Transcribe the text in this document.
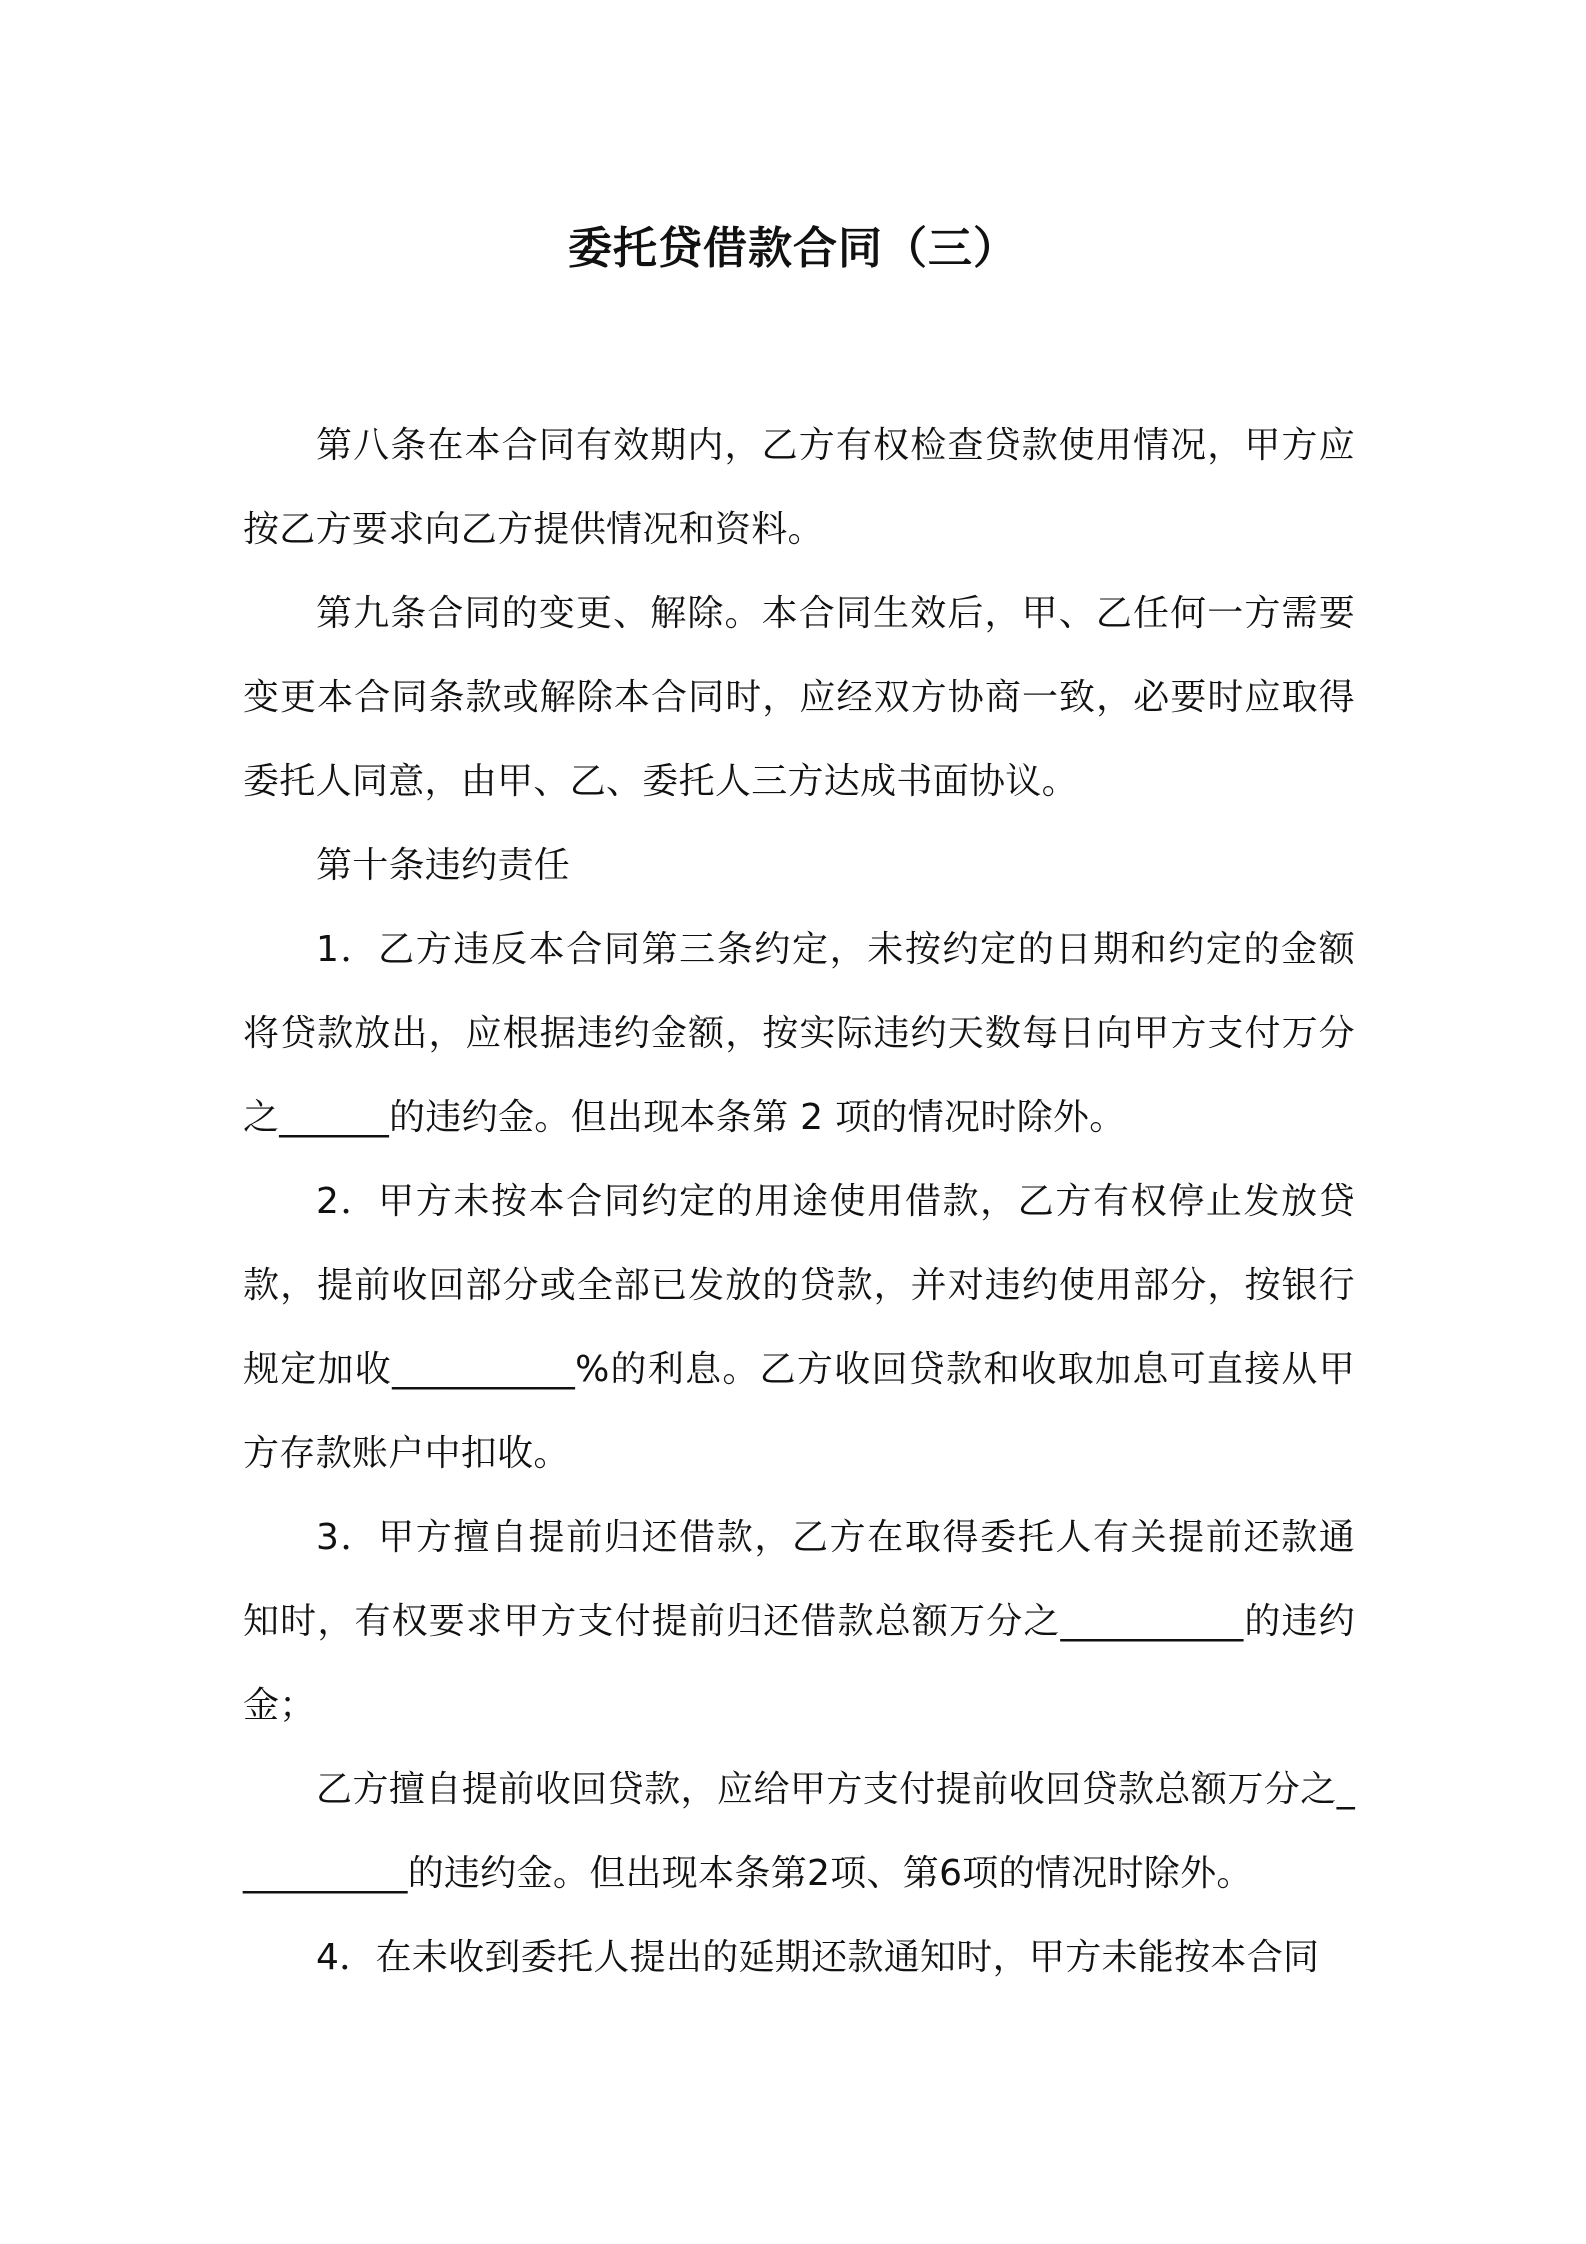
委托贷借款合同（三）

第八条在本合同有效期内，乙方有权检查贷款使用情况，甲方应按乙方要求向乙方提供情况和资料。

第九条合同的变更、解除。本合同生效后，甲、乙任何一方需要变更本合同条款或解除本合同时，应经双方协商一致，必要时应取得委托人同意，由甲、乙、委托人三方达成书面协议。

第十条违约责任

1．乙方违反本合同第三条约定，未按约定的日期和约定的金额将贷款放出，应根据违约金额，按实际违约天数每日向甲方支付万分之______的违约金。但出现本条第 2 项的情况时除外。

2．甲方未按本合同约定的用途使用借款，乙方有权停止发放贷款，提前收回部分或全部已发放的贷款，并对违约使用部分，按银行规定加收__________%的利息。乙方收回贷款和收取加息可直接从甲方存款账户中扣收。

3．甲方擅自提前归还借款，乙方在取得委托人有关提前还款通知时，有权要求甲方支付提前归还借款总额万分之__________的违约金；

乙方擅自提前收回贷款，应给甲方支付提前收回贷款总额万分之__________的违约金。但出现本条第2项、第6项的情况时除外。

4．在未收到委托人提出的延期还款通知时，甲方未能按本合同
